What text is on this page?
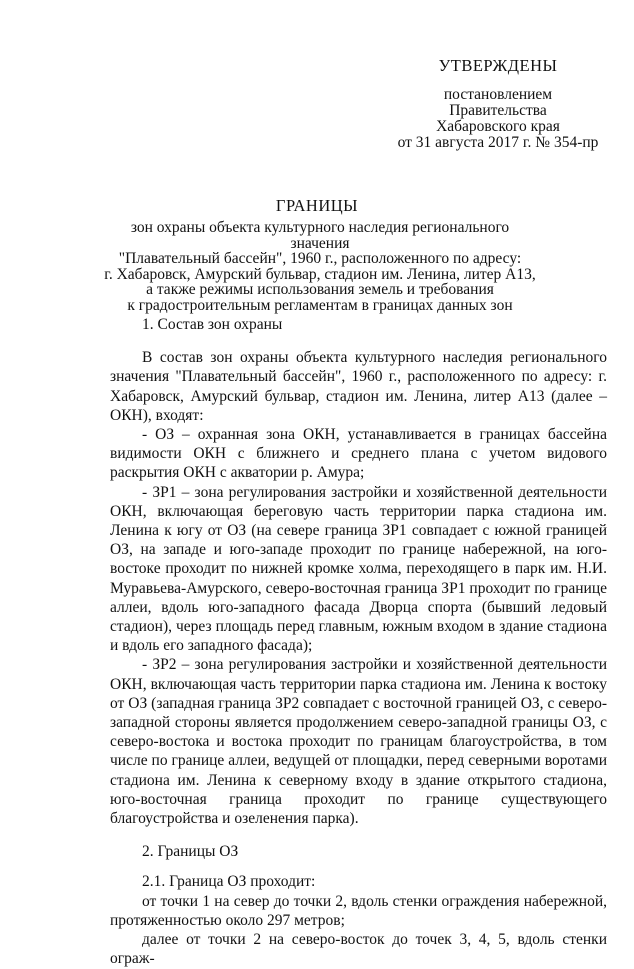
УТВЕРЖДЕНЫ
постановлением
Правительства
Хабаровского края
от 31 августа 2017 г. № 354-пр
ГРАНИЦЫ
зон охраны объекта культурного наследия регионального значения
"Плавательный бассейн", 1960 г., расположенного по адресу:
г. Хабаровск, Амурский бульвар, стадион им. Ленина, литер А13,
а также режимы использования земель и требования
к градостроительным регламентам в границах данных зон

1. Состав зон охраны

В состав зон охраны объекта культурного наследия регионального значения "Плавательный бассейн", 1960 г., расположенного по адресу: г. Хабаровск, Амурский бульвар, стадион им. Ленина, литер А13 (далее – ОКН), входят:

- ОЗ – охранная зона ОКН, устанавливается в границах бассейна видимости ОКН с ближнего и среднего плана с учетом видового раскрытия ОКН с акватории р. Амура;

- ЗР1 – зона регулирования застройки и хозяйственной деятельности ОКН, включающая береговую часть территории парка стадиона им. Ленина к югу от ОЗ (на севере граница ЗР1 совпадает с южной границей ОЗ, на западе и юго-западе проходит по границе набережной, на юго-востоке проходит по нижней кромке холма, переходящего в парк им. Н.И. Муравьева-Амурского, северо-восточная граница ЗР1 проходит по границе аллеи, вдоль юго-западного фасада Дворца спорта (бывший ледовый стадион), через площадь перед главным, южным входом в здание стадиона и вдоль его западного фасада);

- ЗР2 – зона регулирования застройки и хозяйственной деятельности ОКН, включающая часть территории парка стадиона им. Ленина к востоку от ОЗ (западная граница ЗР2 совпадает с восточной границей ОЗ, с северо-западной стороны является продолжением северо-западной границы ОЗ, с северо-востока и востока проходит по границам благоустройства, в том числе по границе аллеи, ведущей от площадки, перед северными воротами стадиона им. Ленина к северному входу в здание открытого стадиона, юго-восточная граница проходит по границе существующего благоустройства и озеленения парка).

2. Границы ОЗ

2.1. Граница ОЗ проходит:

от точки 1 на север до точки 2, вдоль стенки ограждения набережной, протяженностью около 297 метров;

далее от точки 2 на северо-восток до точек 3, 4, 5, вдоль стенки ограж-
